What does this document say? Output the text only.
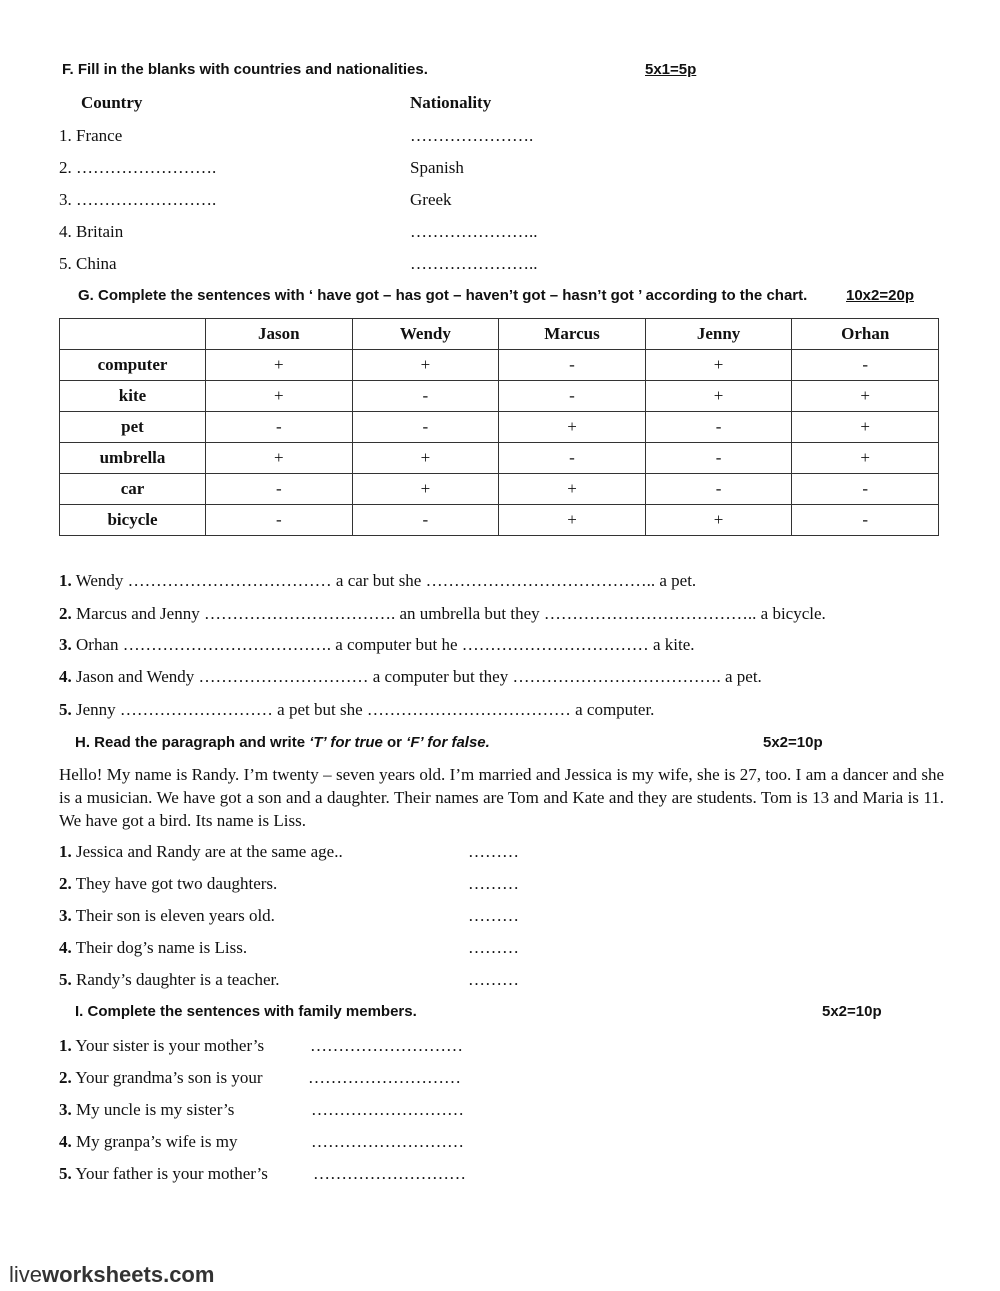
F. Fill in the blanks with countries and nationalities.	5x1=5p
Country	Nationality
1. France	………………….
2. …………………….	Spanish
3. …………………….	Greek
4. Britain	…………………..
5. China	…………………..
G. Complete the sentences with ‘ have got – has got – haven’t got – hasn’t got ’ according to the chart.	10x2=20p
	Jason	Wendy	Marcus	Jenny	Orhan
computer	+	+	-	+	-
kite	+	-	-	+	+
pet	-	-	+	-	+
umbrella	+	+	-	-	+
car	-	+	+	-	-
bicycle	-	-	+	+	-
1. Wendy ……………………………… a car but she ………………………………….. a pet.
2. Marcus and Jenny ……………………………. an umbrella but they ……………………………….. a bicycle.
3. Orhan ………………………………. a computer but he …………………………… a kite.
4. Jason and Wendy ………………………… a computer but they ………………………………. a pet.
5. Jenny ……………………… a pet but she ……………………………… a computer.
H. Read the paragraph and write ‘T’ for true or ‘F’ for false.	5x2=10p
Hello! My name is Randy. I’m twenty – seven years old. I’m married and Jessica is my wife, she is 27, too. I am a dancer and she is a musician. We have got a son and a daughter. Their names are Tom and Kate and they are students. Tom is 13 and Maria is 11. We have got a bird. Its name is Liss.
1. Jessica and Randy are at the same age..	………
2. They have got two daughters.	………
3. Their son is eleven years old.	………
4. Their dog’s name is Liss.	………
5. Randy’s daughter is a teacher.	………
I. Complete the sentences with family members.	5x2=10p
1. Your sister is your mother’s	………………………
2. Your grandma’s son is your	………………………
3. My uncle is my sister’s	………………………
4. My granpa’s wife is my	………………………
5. Your father is your mother’s	………………………
liveworksheets.com
